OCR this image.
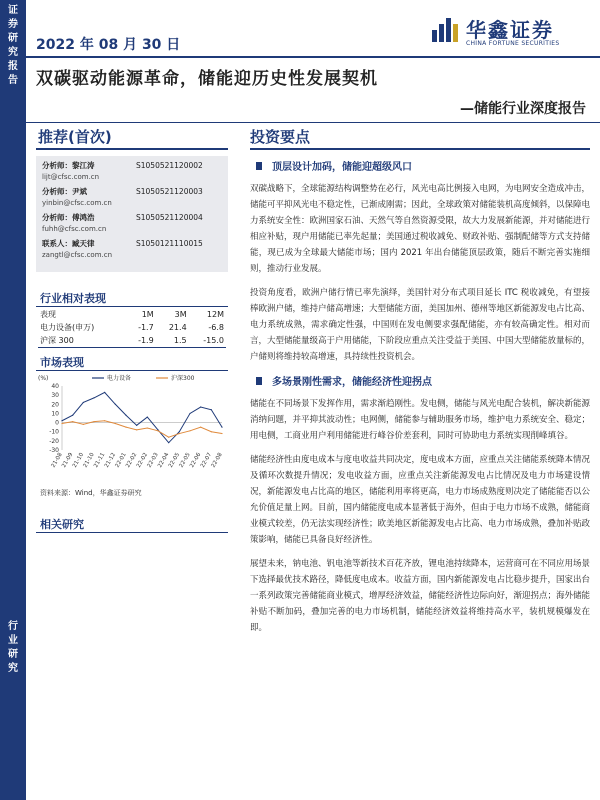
证
券
研
究
报
告
行
业
研
究
2022 年 08 月 30 日
华鑫证券
CHINA FORTUNE SECURITIES
双碳驱动能源革命，储能迎历史性发展契机
—储能行业深度报告
推荐(首次)	投资要点
分析师：黎江涛	S1050521120002
lijt@cfsc.com.cn
分析师：尹斌	S1050521120003
yinbin@cfsc.com.cn
分析师：傅鸿浩	S1050521120004
fuhh@cfsc.com.cn
联系人：臧天律	S1050121110015
zangtl@cfsc.com.cn
行业相对表现
表现	1M	3M	12M
电力设备(申万)	-1.7	21.4	-6.8
沪深 300	-1.9	1.5	-15.0
市场表现
(%)
40
30
20
10
0
-10
-20
-30
21-08
21-09
21-10
21-10
21-11
21-12
22-01
22-02
22-02
22-03
22-04
22-05
22-05
22-06
22-07
22-08
电力设备	沪深300
资料来源：Wind，华鑫证券研究
相关研究
顶层设计加码，储能迎超级风口

双碳战略下，全球能源结构调整势在必行，风光电高比例接入电网，为电网安全造成冲击，储能可平抑风光电不稳定性，已渐成刚需；因此，全球政策对储能装机高度倾斜，以保障电力系统安全性：欧洲国家石油、天然气等自然资源受限，故大力发展新能源，并对储能进行相应补贴，现户用储能已率先起量；美国通过税收减免、财政补贴、强制配储等方式支持储能，现已成为全球最大储能市场；国内 2021 年出台储能顶层政策，随后不断完善实施细则，推动行业发展。

投资角度看，欧洲户储行情已率先演绎，美国针对分布式项目延长 ITC 税收减免，有望接棒欧洲户储，维持户储高增速；大型储能方面，美国加州、德州等地区新能源发电占比高、电力系统成熟，需求确定性强，中国则在发电侧要求强配储能，亦有较高确定性。相对而言，大型储能量级高于户用储能，下阶段应重点关注受益于美国、中国大型储能放量标的，户储则将维持较高增速，具持续性投资机会。

多场景刚性需求，储能经济性迎拐点

储能在不同场景下发挥作用，需求渐趋刚性。发电侧，储能与风光电配合装机，解决新能源消纳问题，并平抑其波动性；电网侧，储能参与辅助服务市场，维护电力系统安全、稳定；用电侧，工商业用户利用储能进行峰谷价差套利，同时可协助电力系统实现削峰填谷。

储能经济性由度电成本与度电收益共同决定，度电成本方面，应重点关注储能系统降本情况及循环次数提升情况；发电收益方面，应重点关注新能源发电占比情况及电力市场建设情况，新能源发电占比高的地区，储能利用率将更高，电力市场成熟度则决定了储能能否以公允价值足量上网。目前，国内储能度电成本显著低于海外，但由于电力市场不成熟，储能商业模式较差，仍无法实现经济性；欧美地区新能源发电占比高、电力市场成熟，叠加补贴政策影响，储能已具备良好经济性。

展望未来，钠电池、钒电池等新技术百花齐放，锂电池持续降本，运营商可在不同应用场景下选择最优技术路径，降低度电成本。收益方面，国内新能源发电占比稳步提升，国家出台一系列政策完善储能商业模式，增厚经济效益，储能经济性边际向好，渐迎拐点；海外储能补贴不断加码，叠加完善的电力市场机制，储能经济效益将维持高水平，装机规模爆发在即。
